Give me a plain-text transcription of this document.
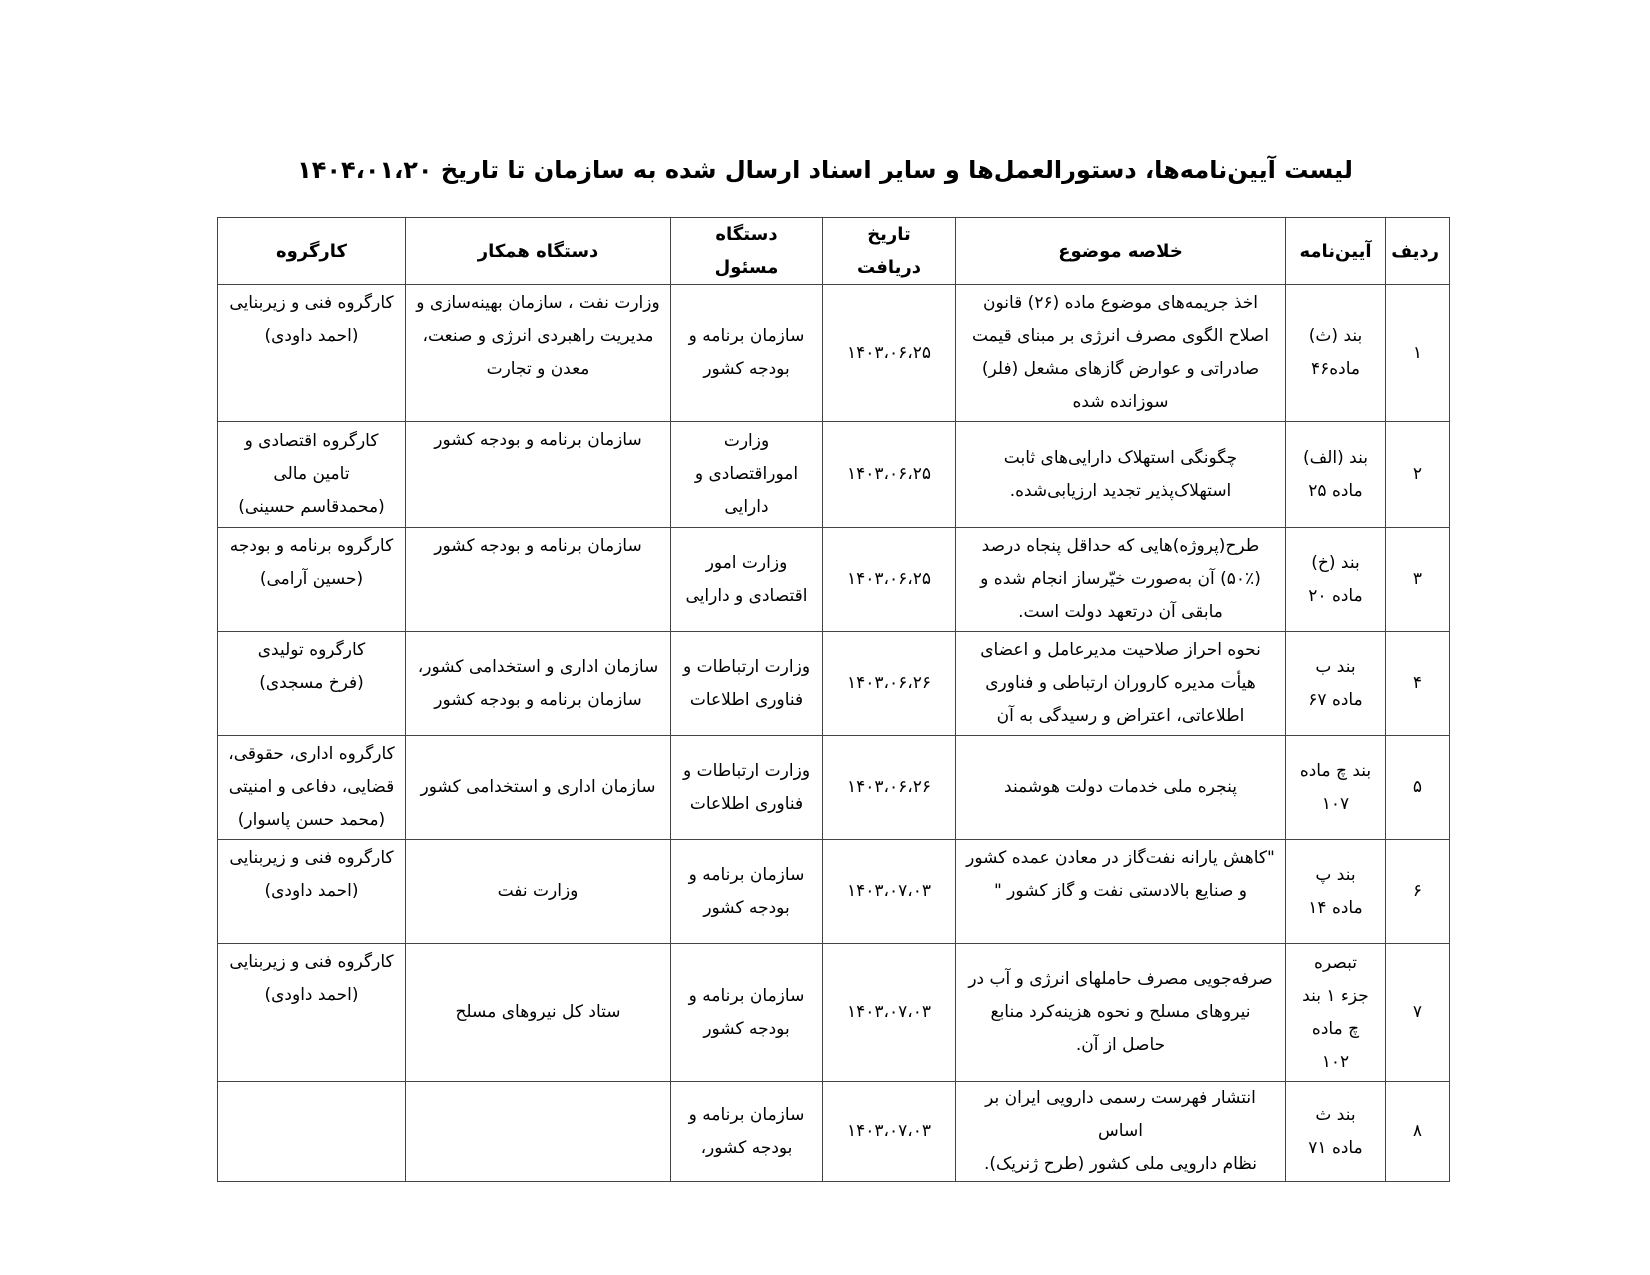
لیست آیین‌نامه‌ها، دستورالعمل‌ها و سایر اسناد ارسال شده به سازمان تا تاریخ ۱۴۰۴،۰۱،۲۰
ردیف	آیین‌نامه	خلاصه موضوع	تاریخ دریافت	دستگاه مسئول	دستگاه همکار	کارگروه
۱	بند (ث)
ماده۴۶	اخذ جریمه‌های موضوع ماده (۲۶) قانون
اصلاح الگوی مصرف انرژی بر مبنای قیمت
صادراتی و عوارض گازهای مشعل (فلر)
سوزانده شده	۱۴۰۳،۰۶،۲۵	سازمان برنامه و
بودجه کشور	وزارت نفت ، سازمان بهینه‌سازی و
مدیریت راهبردی انرژی و صنعت،
معدن و تجارت	کارگروه فنی و زیربنایی
(احمد داودی)
۲	بند (الف)
ماده ۲۵	چگونگی استهلاک دارایی‌های ثابت
استهلاک‌پذیر تجدید ارزیابی‌شده.	۱۴۰۳،۰۶،۲۵	وزارت
اموراقتصادی و
دارایی	سازمان برنامه و بودجه کشور	کارگروه اقتصادی و
تامین مالی
(محمدقاسم حسینی)
۳	بند (خ)
ماده ۲۰	طرح(پروژه)هایی که حداقل پنجاه درصد
(۵۰٪) آن به‌صورت خیّرساز انجام شده و
مابقی آن درتعهد دولت است.	۱۴۰۳،۰۶،۲۵	وزارت امور
اقتصادی و دارایی	سازمان برنامه و بودجه کشور	کارگروه برنامه و بودجه
(حسین آرامی)
۴	بند ب
ماده ۶۷	نحوه احراز صلاحیت مدیرعامل و اعضای
هیأت مدیره کاروران ارتباطی و فناوری
اطلاعاتی، اعتراض و رسیدگی به آن	۱۴۰۳،۰۶،۲۶	وزارت ارتباطات و
فناوری اطلاعات	سازمان اداری و استخدامی کشور،
سازمان برنامه و بودجه کشور	کارگروه تولیدی
(فرخ مسجدی)
۵	بند چ ماده
۱۰۷	پنجره ملی خدمات دولت هوشمند	۱۴۰۳،۰۶،۲۶	وزارت ارتباطات و
فناوری اطلاعات	سازمان اداری و استخدامی کشور	کارگروه اداری، حقوقی،
قضایی، دفاعی و امنیتی
(محمد حسن پاسوار)
۶	بند پ
ماده ۱۴	"کاهش یارانه نفت‌گاز در معادن عمده کشور
و صنایع بالادستی نفت و گاز کشور "	۱۴۰۳،۰۷،۰۳	سازمان برنامه و
بودجه کشور	وزارت نفت	کارگروه فنی و زیربنایی
(احمد داودی)
۷	تبصره
جزء ۱ بند
چ ماده
۱۰۲	صرفه‌جویی مصرف حاملهای انرژی و آب در
نیروهای مسلح و نحوه هزینه‌کرد منابع
حاصل از آن.	۱۴۰۳،۰۷،۰۳	سازمان برنامه و
بودجه کشور	ستاد کل نیروهای مسلح	کارگروه فنی و زیربنایی
(احمد داودی)
۸	بند ث
ماده ۷۱	انتشار فهرست رسمی دارویی ایران بر اساس
نظام دارویی ملی کشور (طرح ژنریک).	۱۴۰۳،۰۷،۰۳	سازمان برنامه و
بودجه کشور،		
